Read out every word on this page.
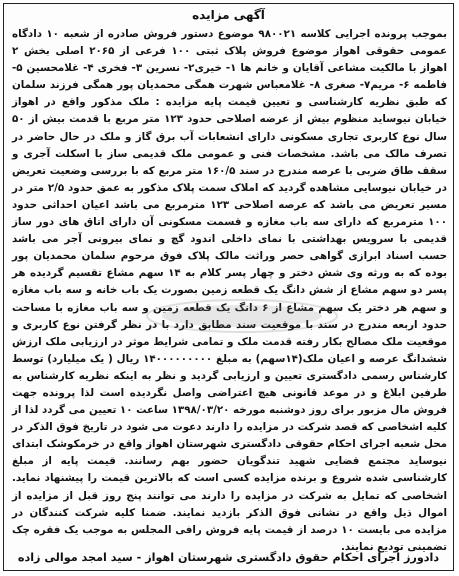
آگهی مزایده
بموجب پرونده اجرایی کلاسه ۹۸۰۰۲۱ موضوع دستور فروش صادره از شعبه ۱۰ دادگاه عمومی حقوقی اهواز موضوع فروش پلاک ثبتی ۱۰۰ فرعی از ۲۰۶۵ اصلی بخش ۲ اهواز با مالکیت مشاعی آقایان و خانم ها ۱- خیری۲- نسرین ۳- فخری ۴- غلامحسین ۵- فاطمه ۶- مریم۷- صغری ۸- غلامعباس شهرت همگی محمدیان پور همگی فرزند سلمان که طبق نظریه کارشناسی و تعیین قیمت پایه مزایده : ملک مذکور واقع در اهواز خیابان نیوساید منظوم بیش از عرضه اصلاحی حدود ۱۲۳ متر مربع با قدمت بیش از ۵۰ سال نوع کاربری تجاری مسکونی دارای انشعابات آب برق گاز و ملک در حال حاضر در تصرف مالک می باشد. مشخصات فنی و عمومی ملک قدیمی ساز با اسکلت آجری و سقف طاق ضربی با عرصه مندرج در سند ۱۶۰/۵ متر مربع که با بررسی وضعیت تعریض در خیابان نیوسایی مشاهده گردید که املاک سمت پلاک مذکور به عمق حدود ۲/۵ متر در مسیر تعریض می باشد که عرصه اصلاحی ۱۲۳ مترمربع می باشد اعیان احداثی حدود ۱۰۰ مترمربع که دارای سه باب مغازه و قسمت مسکونی آن دارای اتاق های دور ساز قدیمی با سرویس بهداشتی با نمای داخلی اندود گچ و نمای بیرونی آجر می باشد حسب اسناد ابرازی گواهی حصر وراثت مالک پلاک فوق مرحوم سلمان محمدیان پور بوده که به ورثه وی شش دختر و چهار پسر کلام به ۱۴ سهم مشاع تقسیم گردیده هر پسر دو سهم مشاع از شش دانگ یک قطعه زمین بصورت یک باب خانه و سه باب مغازه و سهم هر دختر یک سهم مشاع از ۶ دانگ یک قطعه زمین و سه باب مغازه با مساحت حدود اربعه مندرج در سند با موقعیت سند مطابق دارد با در نظر گرفتن نوع کاربری و موقعیت ملک مصالح بکار رفته قدمت ملک و تمامی شرایط موثر در ارزیابی ملک ارزش ششدانگ عرصه و اعیان ملک(۱۴سهم) به مبلغ ۱۴۰۰۰۰۰۰۰۰۰ ریال ( یک میلیارد) توسط کارشناس رسمی دادگستری تعیین و ارزیابی گردید و نظر به اینکه نظریه کارشناس به طرفین ابلاغ و در موعد قانونی هیچ اعتراضی واصل نگردیده است لذا پرونده جهت فروش مال مزبور برای روز دوشنبه مورخه ۱۳۹۸/۰۳/۲۰ ساعت ۱۰ تعیین می گردد لذا از کلیه اشخاصی که قصد شرکت در مزایده را دارند دعوت می شود در تاریخ فوق الذکر در محل شعبه اجرای احکام حقوقی دادگستری شهرستان اهواز واقع در خرمکوشک ابتدای نیوساید مجتمع قضایی شهید تندگویان حضور بهم رسانند. قیمت پایه از مبلغ کارشناسی شده شروع و برنده مزایده کسی است که بالاترین قیمت را پیشنهاد نماید. اشخاصی که تمایل به شرکت در مزایده را دارند می توانند پنج روز قبل از مزایده از اموال ذیل واقع در نشانی فوق الذکر بازدید نمایند. ضمنا کلیه شرکت کنندگان در مزایده می بایست ۱۰ درصد از قیمت پایه فروش رافی المجلس به موجب یک فقره چک تضمینی تودیع نمایند.
دادورز اجرای احکام حقوق دادگستری شهرستان اهواز - سید امجد موالی زاده
